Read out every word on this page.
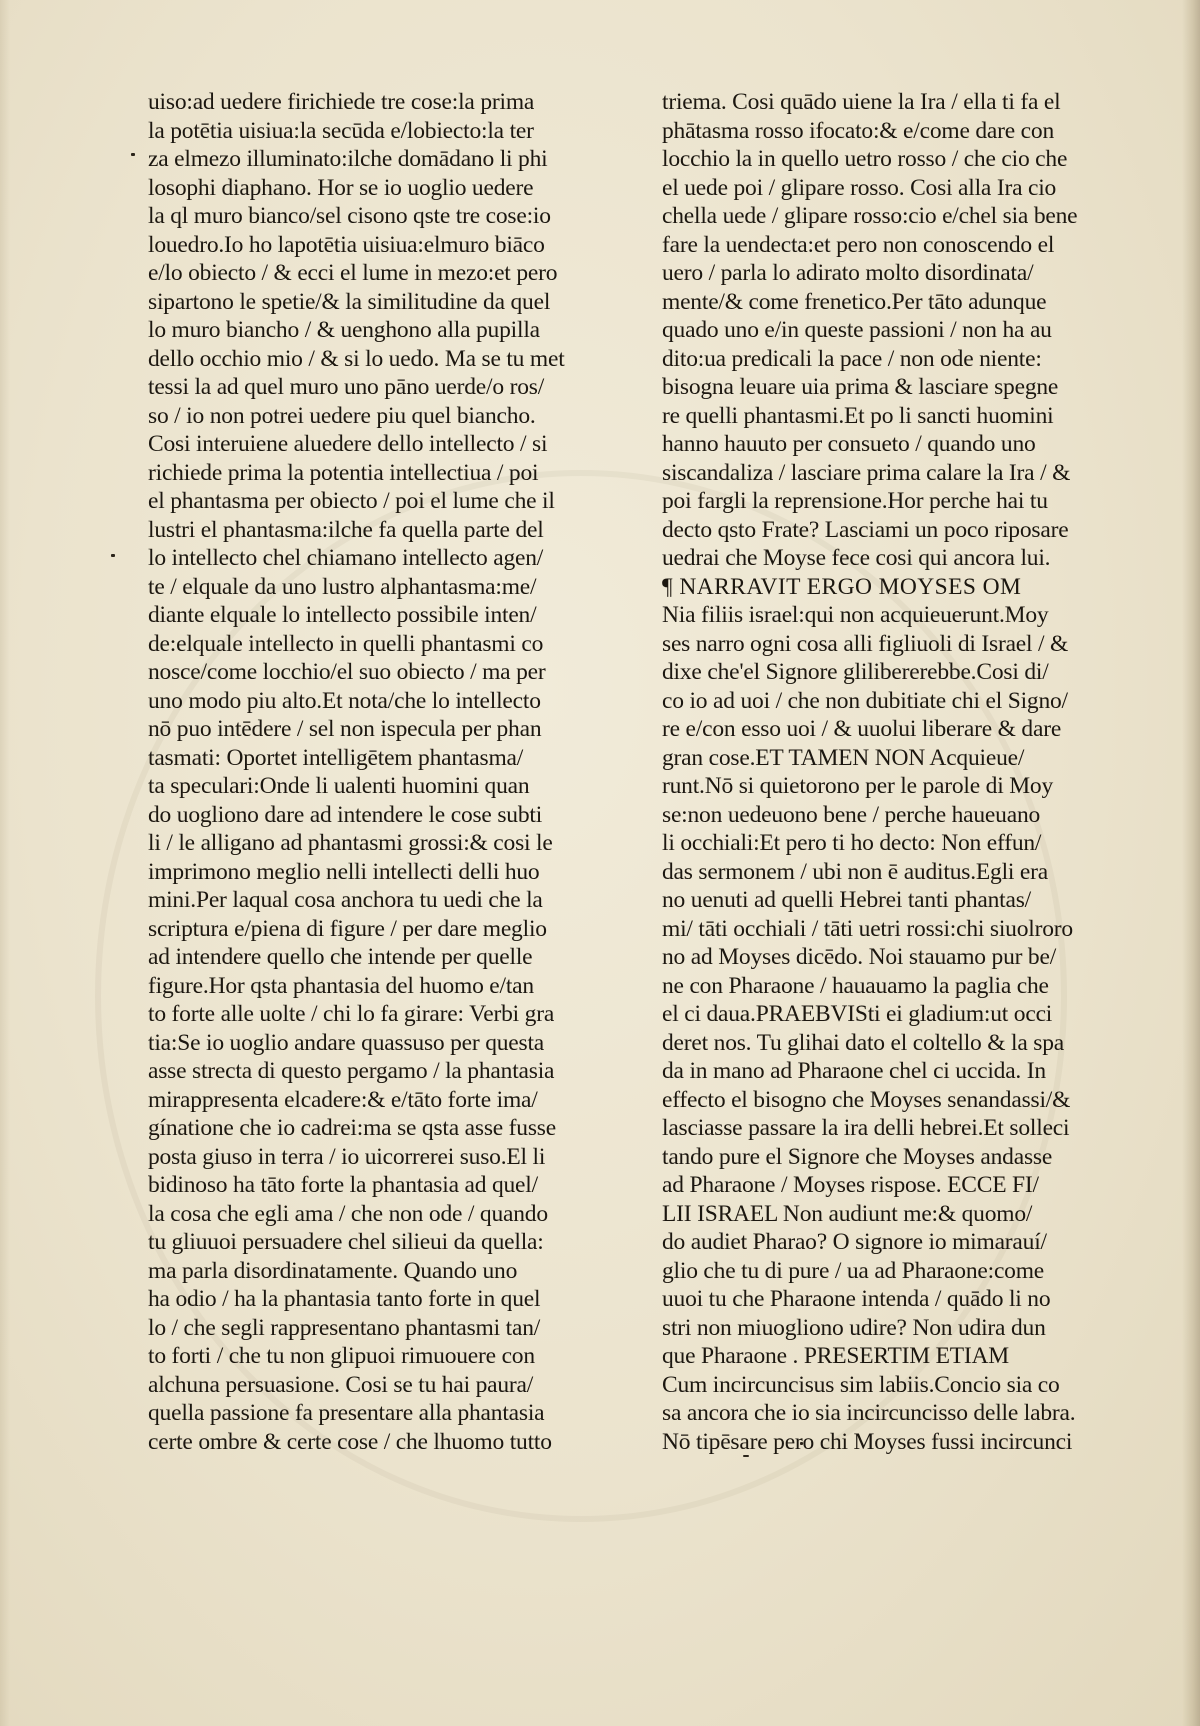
uiso:ad uedere firichiede tre cose:la prima
la potētia uisiua:la secūda e/lobiecto:la ter
za elmezo illuminato:ilche domādano li phi
losophi diaphano. Hor se io uoglio uedere
la ql muro bianco/sel cisono qste tre cose:io
louedro.Io ho lapotētia uisiua:elmuro biāco
e/lo obiecto / & ecci el lume in mezo:et pero
sipartono le spetie/& la similitudine da quel
lo muro biancho / & uenghono alla pupilla
dello occhio mio / & si lo uedo. Ma se tu met
tessi la ad quel muro uno pāno uerde/o ros/
so / io non potrei uedere piu quel biancho.
Cosi interuiene aluedere dello intellecto / si
richiede prima la potentia intellectiua / poi
el phantasma per obiecto / poi el lume che il
lustri el phantasma:ilche fa quella parte del
lo intellecto chel chiamano intellecto agen/
te / elquale da uno lustro alphantasma:me/
diante elquale lo intellecto possibile inten/
de:elquale intellecto in quelli phantasmi co
nosce/come locchio/el suo obiecto / ma per
uno modo piu alto.Et nota/che lo intellecto
nō puo intēdere / sel non ispecula per phan
tasmati: Oportet intelligētem phantasma/
ta speculari:Onde li ualenti huomini quan
do uogliono dare ad intendere le cose subti
li / le alligano ad phantasmi grossi:& cosi le
imprimono meglio nelli intellecti delli huo
mini.Per laqual cosa anchora tu uedi che la
scriptura e/piena di figure / per dare meglio
ad intendere quello che intende per quelle
figure.Hor qsta phantasia del huomo e/tan
to forte alle uolte / chi lo fa girare: Verbi gra
tia:Se io uoglio andare quassuso per questa
asse strecta di questo pergamo / la phantasia
mirappresenta elcadere:& e/tāto forte ima/
gínatione che io cadrei:ma se qsta asse fusse
posta giuso in terra / io uicorrerei suso.El li
bidinoso ha tāto forte la phantasia ad quel/
la cosa che egli ama / che non ode / quando
tu gliuuoi persuadere chel silieui da quella:
ma parla disordinatamente. Quando uno
ha odio / ha la phantasia tanto forte in quel
lo / che segli rappresentano phantasmi tan/
to forti / che tu non glipuoi rimuouere con
alchuna persuasione. Cosi se tu hai paura/
quella passione fa presentare alla phantasia
certe ombre & certe cose / che lhuomo tutto
triema. Cosi quādo uiene la Ira / ella ti fa el
phātasma rosso ifocato:& e/come dare con
locchio la in quello uetro rosso / che cio che
el uede poi / glipare rosso. Cosi alla Ira cio
chella uede / glipare rosso:cio e/chel sia bene
fare la uendecta:et pero non conoscendo el
uero / parla lo adirato molto disordinata/
mente/& come frenetico.Per tāto adunque
quado uno e/in queste passioni / non ha au
dito:ua predicali la pace / non ode niente:
bisogna leuare uia prima & lasciare spegne
re quelli phantasmi.Et po li sancti huomini
hanno hauuto per consueto / quando uno
siscandaliza / lasciare prima calare la Ira / &
poi fargli la reprensione.Hor perche hai tu
decto qsto Frate? Lasciami un poco riposare
uedrai che Moyse fece cosi qui ancora lui.
¶ NARRAVIT ERGO MOYSES OM
Nia filiis israel:qui non acquieuerunt.Moy
ses narro ogni cosa alli figliuoli di Israel / &
dixe che'el Signore glilibererebbe.Cosi di/
co io ad uoi / che non dubitiate chi el Signo/
re e/con esso uoi / & uuolui liberare & dare
gran cose.ET TAMEN NON Acquieue/
runt.Nō si quietorono per le parole di Moy
se:non uedeuono bene / perche haueuano
li occhiali:Et pero ti ho decto: Non effun/
das sermonem / ubi non ē auditus.Egli era
no uenuti ad quelli Hebrei tanti phantas/
mi/ tāti occhiali / tāti uetri rossi:chi siuolroro
no ad Moyses dicēdo. Noi stauamo pur be/
ne con Pharaone / hauauamo la paglia che
el ci daua.PRAEBVISti ei gladium:ut occi
deret nos. Tu glihai dato el coltello & la spa
da in mano ad Pharaone chel ci uccida. In
effecto el bisogno che Moyses senandassi/&
lasciasse passare la ira delli hebrei.Et solleci
tando pure el Signore che Moyses andasse
ad Pharaone / Moyses rispose. ECCE FI/
LII ISRAEL Non audiunt me:& quomo/
do audiet Pharao? O signore io mimarauí/
glio che tu di pure / ua ad Pharaone:come
uuoi tu che Pharaone intenda / quādo li no
stri non miuogliono udire? Non udira dun
que Pharaone . PRESERTIM ETIAM
Cum incircuncisus sim labiis.Concio sia co
sa ancora che io sia incircuncisso delle labra.
Nō tipēsare pero chi Moyses fussi incircunci
